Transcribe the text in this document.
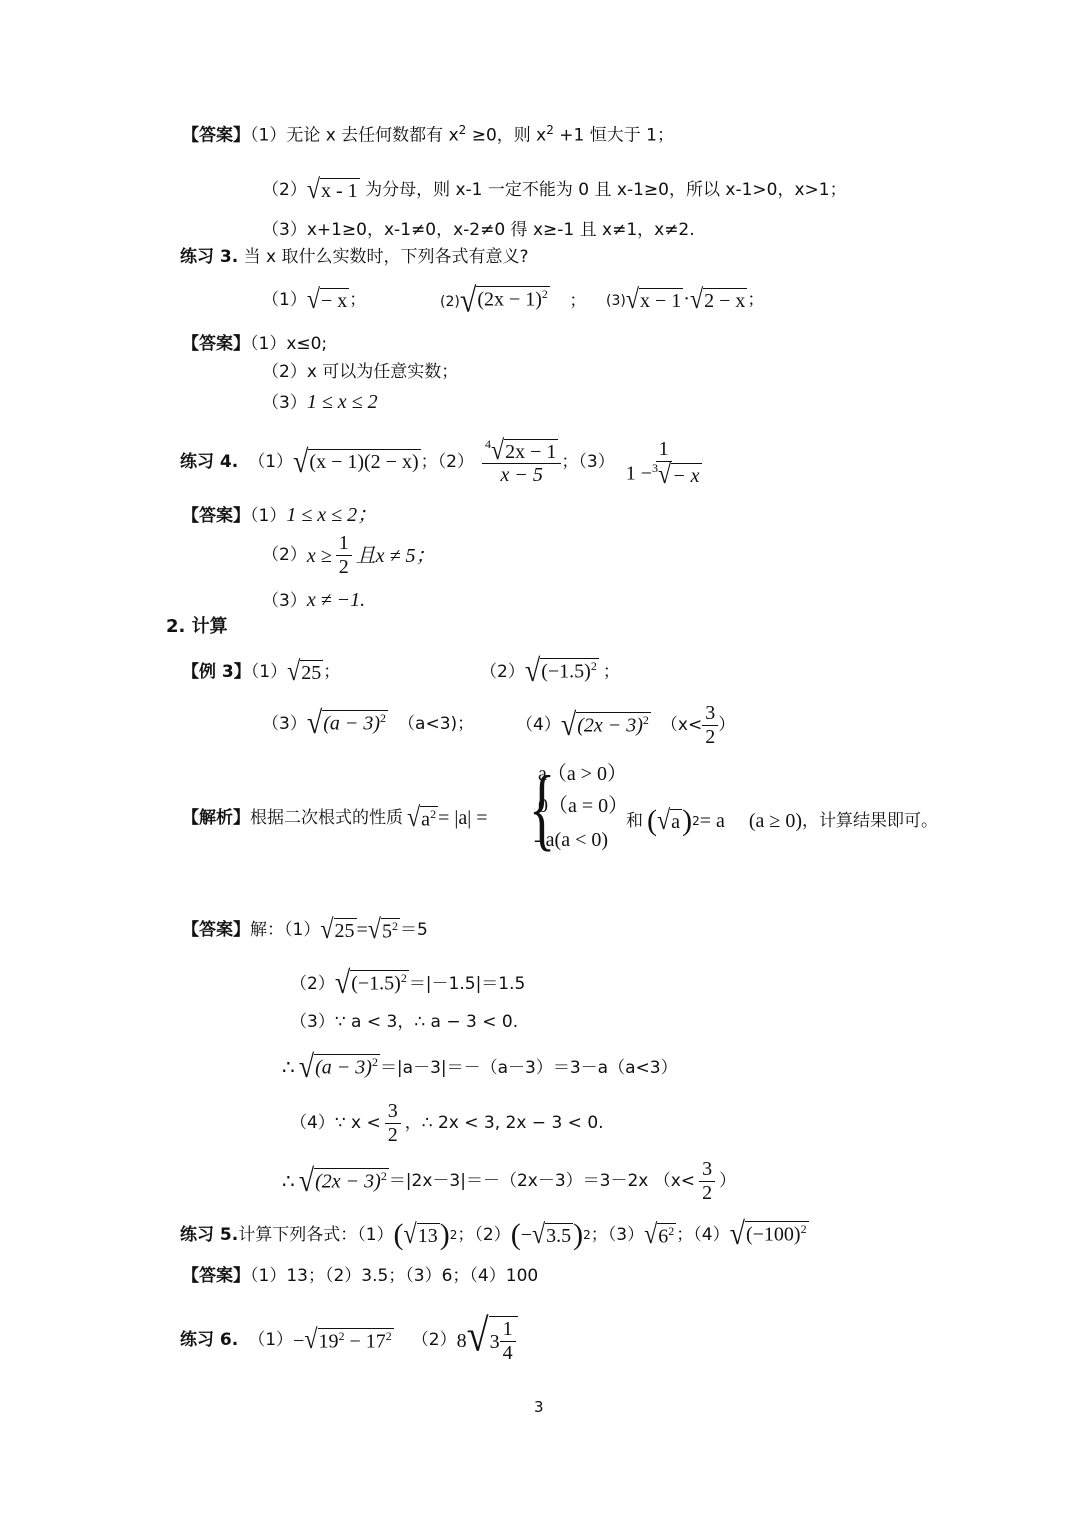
【答案】（1）无论 x 去任何数都有 $x^2 \ge 0$，则 $x^2 +1$ 恒大于 1；
（2） √ x - 1 为分母，则 x-1 一定不能为 0 且 x-1≥0，所以 x-1>0，x>1；
（3）x+1≥0，x-1≠0，x-2≠0 得 x≥-1 且 x≠1，x≠2.
练习 3. 当 x 取什么实数时，下列各式有意义?
（1） √ − x ；	(2) √ $(2x - 1)^2$ ； (3) √ x − 1 · √ 2 − x ；
【答案】（1）x≤0;
（2）x 可以为任意实数；
（3）1 ≤ x ≤ 2
练习 4. （1） √ (x − 1)(2 − x) ；$(2) \frac{^4 √ 2x - 1}{x - 5}$ ；$(3) \frac{1}{1 -^3 √ - x}$
【答案】（1）1 ≤ x ≤ 2；
（2） $x \ge \frac{1}{2}$ 且x ≠ 5；
（3）x ≠ −1.
2. 计算
【例 3】（1） √ 25 ；	（2） √ $(-1.5)^2$ ；
（3） √ $(a - 3)^2$ （a<3)； （4） √ $(2x - 3)^2$ （$x< \frac{3}{2}$ ）
【解析】 根据二次根式的性质 √ $a^2 = |a|$ = {
a（a > 0）
0（a = 0）
- a(a < 0)
和 ( √ a ) 2 = a (a ≥ 0) ，计算结果即可。
【答案】 解：（1） √ 25 = √ $5^2 =5$
（2） √ $(-1.5)^2 =|-1.5|=1.5$
（3）∵ a < 3，∴ a − 3 < 0.
∴ √ $(a - 3)^2 =|a-3|=-(a-3)=3-a(a<3)$
（4）∵ $x < \frac{3}{2}$ ，∴ 2x < 3, 2x − 3 < 0.
∴ √ $(2x - 3)^2 =|2x-3|=-(2x-3)=3-2x$ （$x< \frac{3}{2}$ ）
练习 5. 计算下列各式：（1） ( √ 13 ) 2 ；（2） ( − √ 3.5 ) 2 ；（3） √ $6^2$ ；（4） √ $(-100)^2$
【答案】（1）13；（2）3.5；（3）6；（4）100
练习 6. （1） − √ $19^2 - 17^2$ （2） 8 √ $3 \frac{1}{4}$
3
